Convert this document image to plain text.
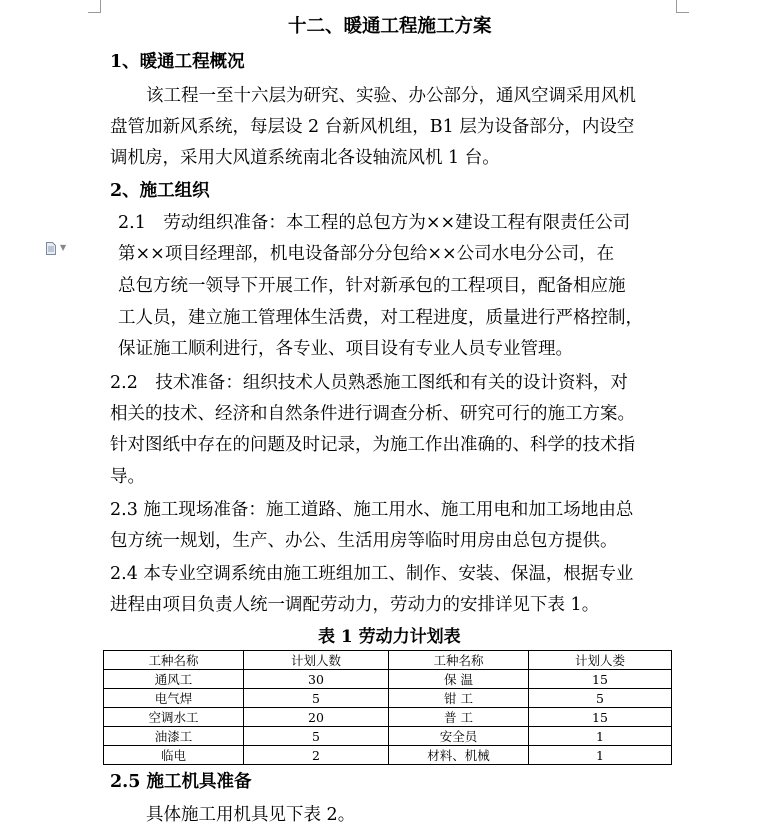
▼
十二、暖通工程施工方案
1、暖通工程概况
该工程一至十六层为研究、实验、办公部分，通风空调采用风机
盘管加新风系统，每层设 2 台新风机组，B1 层为设备部分，内设空
调机房，采用大风道系统南北各设轴流风机 1 台。
2、施工组织
2.1　劳动组织准备：本工程的总包方为××建设工程有限责任公司
第××项目经理部，机电设备部分分包给××公司水电分公司，在
总包方统一领导下开展工作，针对新承包的工程项目，配备相应施
工人员，建立施工管理体生活费，对工程进度，质量进行严格控制，
保证施工顺利进行，各专业、项目设有专业人员专业管理。
2.2　技术准备：组织技术人员熟悉施工图纸和有关的设计资料，对
相关的技术、经济和自然条件进行调查分析、研究可行的施工方案。
针对图纸中存在的问题及时记录，为施工作出准确的、科学的技术指
导。
2.3 施工现场准备：施工道路、施工用水、施工用电和加工场地由总
包方统一规划，生产、办公、生活用房等临时用房由总包方提供。
2.4 本专业空调系统由施工班组加工、制作、安装、保温，根据专业
进程由项目负责人统一调配劳动力，劳动力的安排详见下表 1。
表 1 劳动力计划表
工种名称	计划人数	工种名称	计划人娄
通风工	30	保 温	15
电气焊	5	钳 工	5
空调水工	20	普 工	15
油漆工	5	安全员	1
临电	2	材料、机械	1
2.5 施工机具准备
具体施工用机具见下表 2。
